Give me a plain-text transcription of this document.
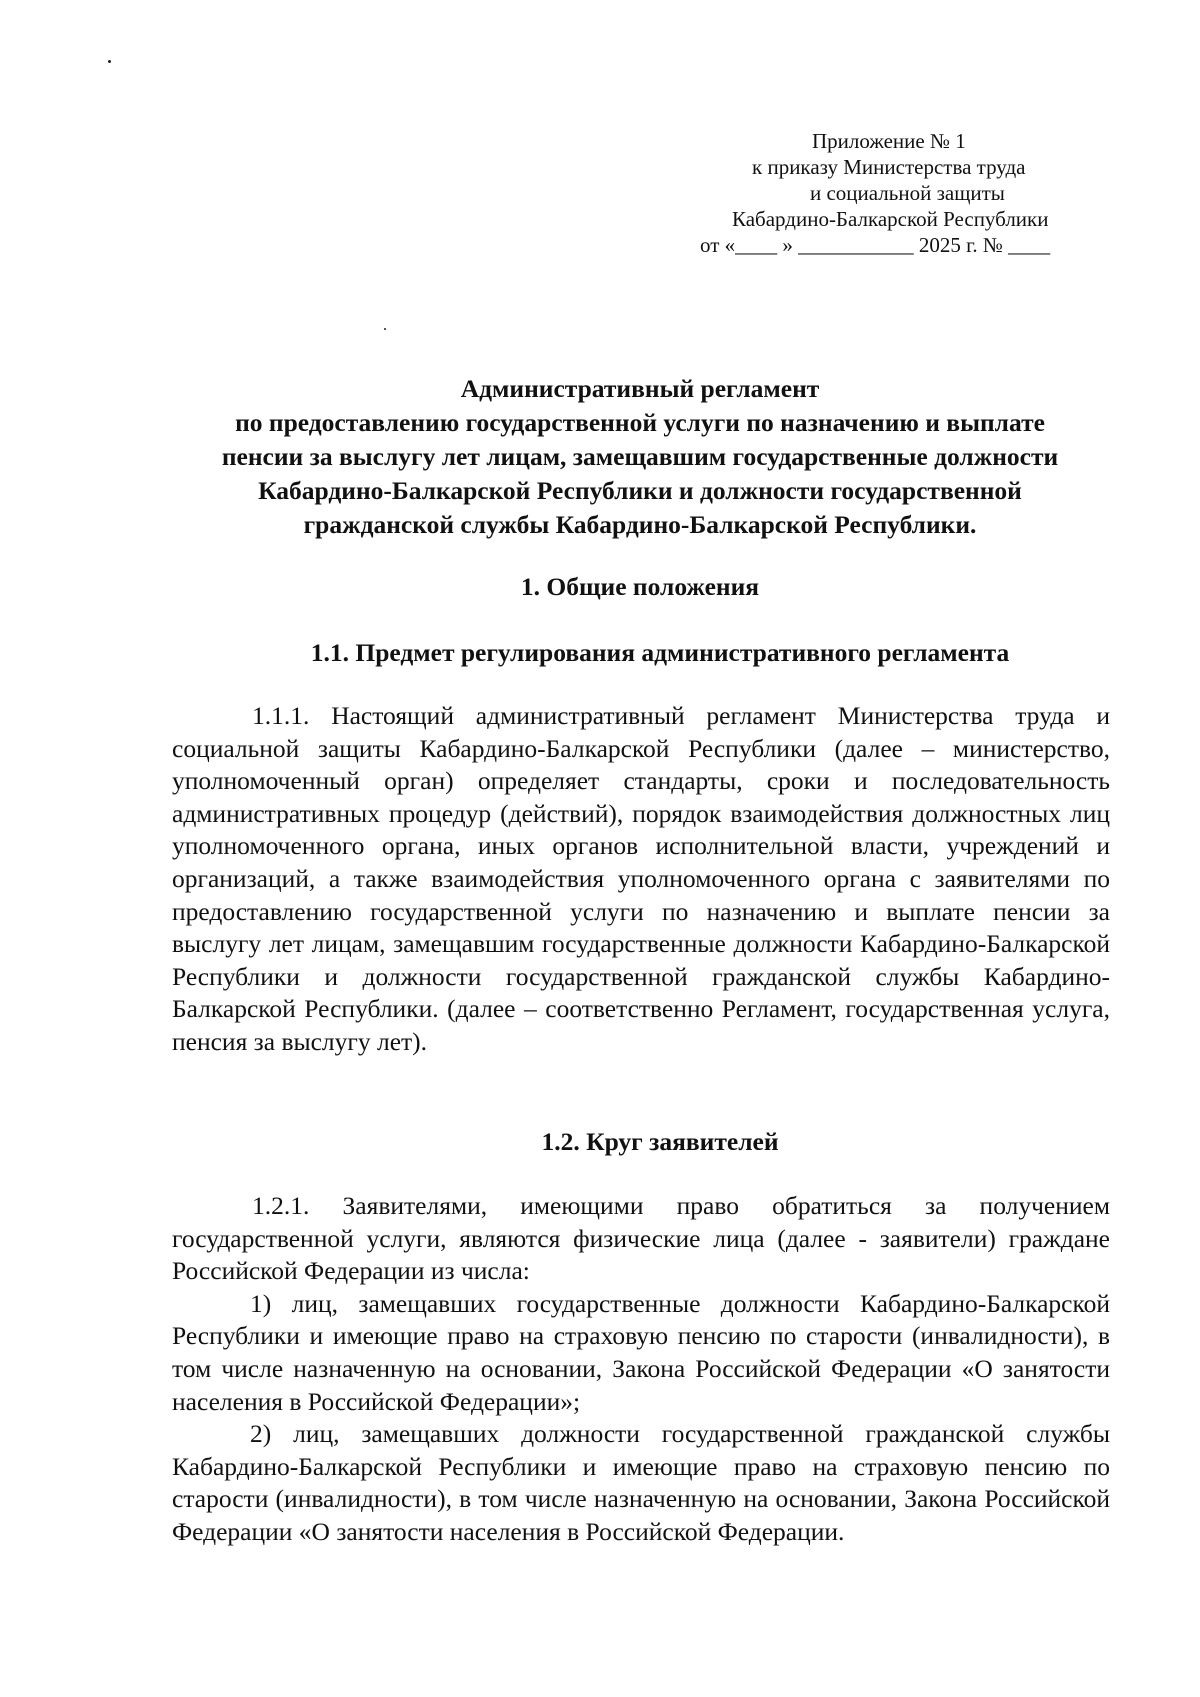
Приложение № 1
к приказу Министерства труда
и социальной защиты
Кабардино-Балкарской Республики
от «____ » ___________ 2025 г. № ____
Административный регламент
по предоставлению государственной услуги по назначению и выплате
пенсии за выслугу лет лицам, замещавшим государственные должности
Кабардино-Балкарской Республики и должности государственной
гражданской службы Кабардино-Балкарской Республики.
1. Общие положения
1.1. Предмет регулирования административного регламента

1.1.1. Настоящий административный регламент Министерства труда и социальной защиты Кабардино-Балкарской Республики (далее – министерство, уполномоченный орган) определяет стандарты, сроки и последовательность административных процедур (действий), порядок взаимодействия должностных лиц уполномоченного органа, иных органов исполнительной власти, учреждений и организаций, а также взаимодействия уполномоченного органа с заявителями по предоставлению государственной услуги по назначению и выплате пенсии за выслугу лет лицам, замещавшим государственные должности Кабардино-Балкарской Республики и должности государственной гражданской службы Кабардино-Балкарской Республики. (далее – соответственно Регламент, государственная услуга, пенсия за выслугу лет).

1.2. Круг заявителей

1.2.1. Заявителями, имеющими право обратиться за получением государственной услуги, являются физические лица (далее - заявители) граждане Российской Федерации из числа:

1) лиц, замещавших государственные должности Кабардино-Балкарской Республики и имеющие право на страховую пенсию по старости (инвалидности), в том числе назначенную на основании, Закона Российской Федерации «О занятости населения в Российской Федерации»;

2) лиц, замещавших должности государственной гражданской службы Кабардино-Балкарской Республики и имеющие право на страховую пенсию по старости (инвалидности), в том числе назначенную на основании, Закона Российской Федерации «О занятости населения в Российской Федерации.
